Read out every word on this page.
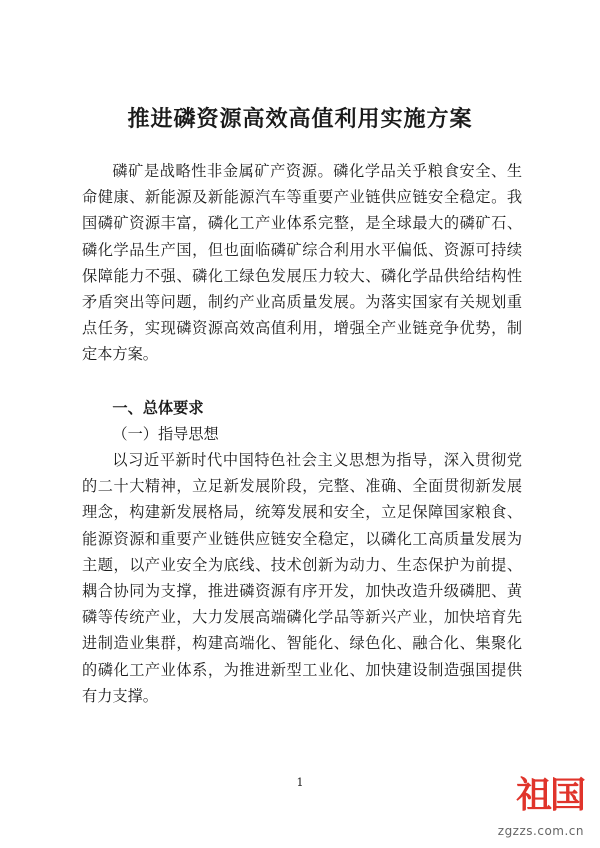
推进磷资源高效高值利用实施方案

磷矿是战略性非金属矿产资源。磷化学品关乎粮食安全、生命健康、新能源及新能源汽车等重要产业链供应链安全稳定。我国磷矿资源丰富，磷化工产业体系完整，是全球最大的磷矿石、磷化学品生产国，但也面临磷矿综合利用水平偏低、资源可持续保障能力不强、磷化工绿色发展压力较大、磷化学品供给结构性矛盾突出等问题，制约产业高质量发展。为落实国家有关规划重点任务，实现磷资源高效高值利用，增强全产业链竞争优势，制定本方案。

一、总体要求

（一）指导思想

以习近平新时代中国特色社会主义思想为指导，深入贯彻党的二十大精神，立足新发展阶段，完整、准确、全面贯彻新发展理念，构建新发展格局，统筹发展和安全，立足保障国家粮食、能源资源和重要产业链供应链安全稳定，以磷化工高质量发展为主题，以产业安全为底线、技术创新为动力、生态保护为前提、耦合协同为支撑，推进磷资源有序开发，加快改造升级磷肥、黄磷等传统产业，大力发展高端磷化学品等新兴产业，加快培育先进制造业集群，构建高端化、智能化、绿色化、融合化、集聚化的磷化工产业体系，为推进新型工业化、加快建设制造强国提供有力支撑。

1	祖国
zgzzs.com.cn
